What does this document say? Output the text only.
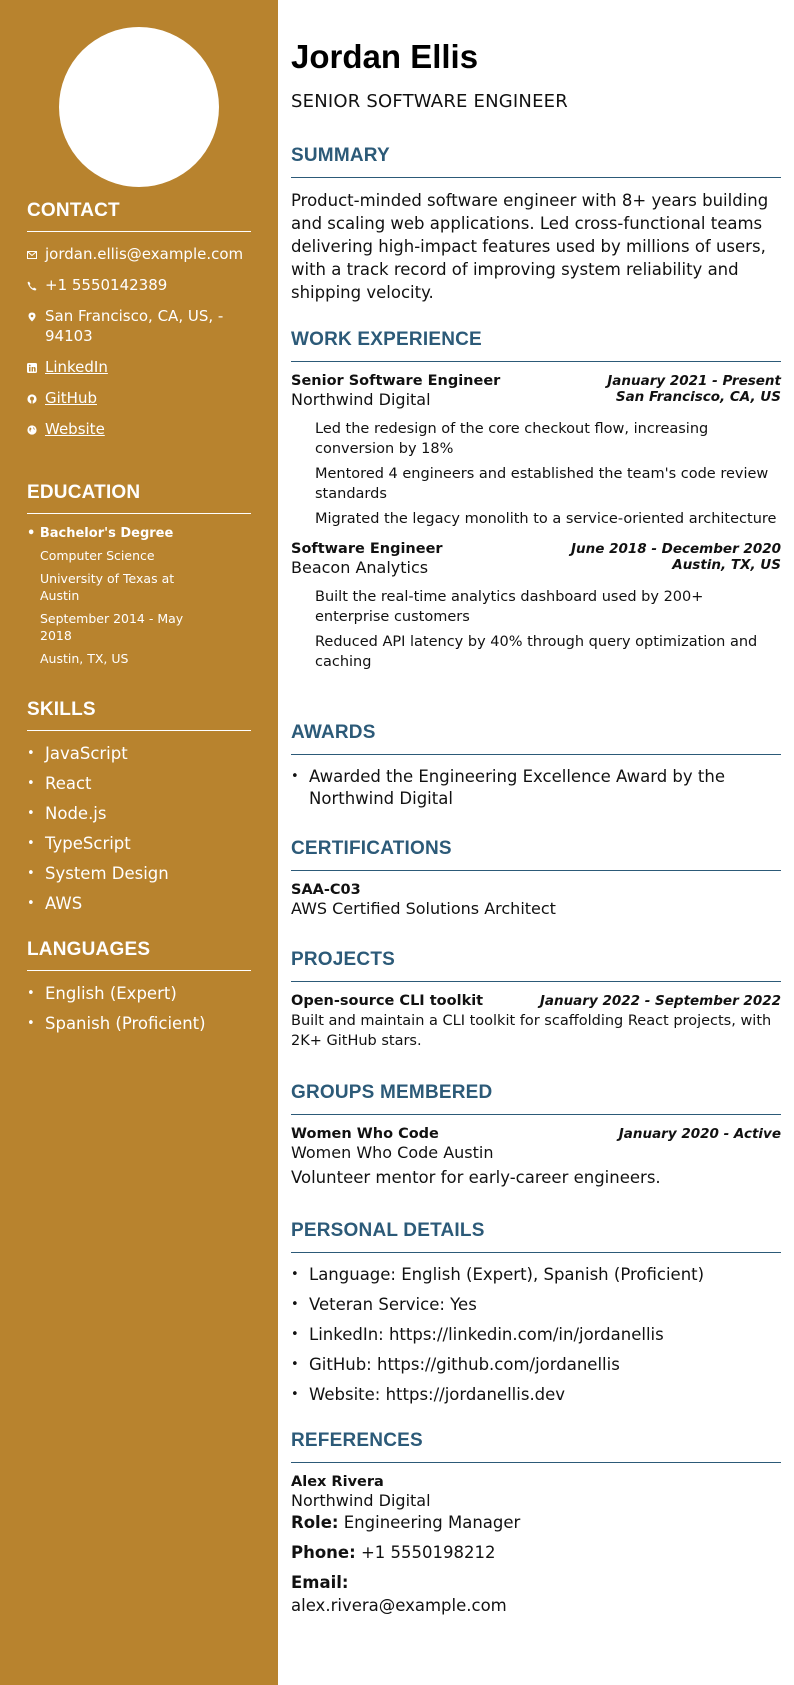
CONTACT
jordan.ellis@example.com
+1 5550142389
San Francisco, CA, US, - 94103
LinkedIn
GitHub
Website
EDUCATION
• Bachelor's Degree
Computer Science
University of Texas at Austin
September 2014 - May 2018
Austin, TX, US
SKILLS
• JavaScript
• React
• Node.js
• TypeScript
• System Design
• AWS
LANGUAGES
• English (Expert)
• Spanish (Proficient)
Jordan Ellis
SENIOR SOFTWARE ENGINEER
SUMMARY
Product-minded software engineer with 8+ years building and scaling web applications. Led cross-functional teams delivering high-impact features used by millions of users, with a track record of improving system reliability and shipping velocity.
WORK EXPERIENCE
Senior Software Engineer	January 2021 - Present
Northwind Digital	San Francisco, CA, US
Led the redesign of the core checkout flow, increasing conversion by 18%
Mentored 4 engineers and established the team's code review standards
Migrated the legacy monolith to a service-oriented architecture
Software Engineer	June 2018 - December 2020
Beacon Analytics	Austin, TX, US
Built the real-time analytics dashboard used by 200+ enterprise customers
Reduced API latency by 40% through query optimization and caching
AWARDS
• Awarded the Engineering Excellence Award by the Northwind Digital
CERTIFICATIONS
SAA-C03
AWS Certified Solutions Architect
PROJECTS
Open-source CLI toolkit	January 2022 - September 2022
Built and maintain a CLI toolkit for scaffolding React projects, with 2K+ GitHub stars.
GROUPS MEMBERED
Women Who Code	January 2020 - Active
Women Who Code Austin
Volunteer mentor for early-career engineers.
PERSONAL DETAILS
• Language: English (Expert), Spanish (Proficient)
• Veteran Service: Yes
• LinkedIn: https://linkedin.com/in/jordanellis
• GitHub: https://github.com/jordanellis
• Website: https://jordanellis.dev
REFERENCES
Alex Rivera
Northwind Digital
Role: Engineering Manager
Phone: +1 5550198212
Email:
alex.rivera@example.com
